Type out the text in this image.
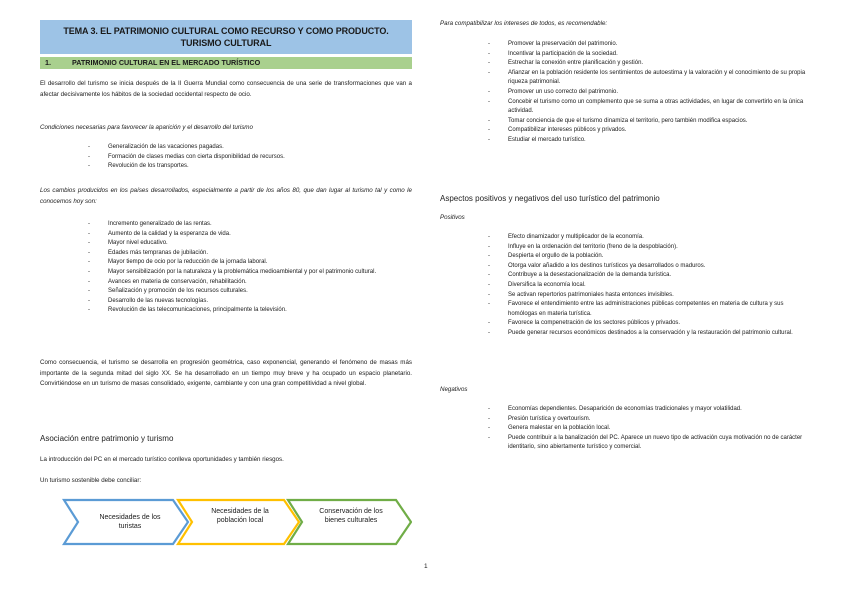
TEMA 3. EL PATRIMONIO CULTURAL COMO RECURSO Y COMO PRODUCTO.
TURISMO CULTURAL
1.	PATRIMONIO CULTURAL EN EL MERCADO TURÍSTICO
El desarrollo del turismo se inicia después de la II Guerra Mundial como consecuencia de una serie de transformaciones que van a afectar decisivamente los hábitos de la sociedad occidental respecto de ocio.
Condiciones necesarias para favorecer la aparición y el desarrollo del turismo
- Generalización de las vacaciones pagadas.
- Formación de clases medias con cierta disponibilidad de recursos.
- Revolución de los transportes.
Los cambios producidos en los países desarrollados, especialmente a partir de los años 80, que dan lugar al turismo tal y como le conocemos hoy son:
- Incremento generalizado de las rentas.
- Aumento de la calidad y la esperanza de vida.
- Mayor nivel educativo.
- Edades más tempranas de jubilación.
- Mayor tiempo de ocio por la reducción de la jornada laboral.
- Mayor sensibilización por la naturaleza y la problemática medioambiental y por el patrimonio cultural.
- Avances en materia de conservación, rehabilitación.
- Señalización y promoción de los recursos culturales.
- Desarrollo de las nuevas tecnologías.
- Revolución de las telecomunicaciones, principalmente la televisión.
Como consecuencia, el turismo se desarrolla en progresión geométrica, caso exponencial, generando el fenómeno de masas más importante de la segunda mitad del siglo XX. Se ha desarrollado en un tiempo muy breve y ha ocupado un espacio planetario. Convirtiéndose en un turismo de masas consolidado, exigente, cambiante y con una gran competitividad a nivel global.
Asociación entre patrimonio y turismo
La introducción del PC en el mercado turístico conlleva oportunidades y también riesgos.
Un turismo sostenible debe conciliar:
Necesidades de los turistas
Necesidades de la población local
Conservación de los bienes culturales
1
Para compatibilizar los intereses de todos, es recomendable:
- Promover la preservación del patrimonio.
- Incentivar la participación de la sociedad.
- Estrechar la conexión entre planificación y gestión.
- Afianzar en la población residente los sentimientos de autoestima y la valoración y el conocimiento de su propia riqueza patrimonial.
- Promover un uso correcto del patrimonio.
- Concebir el turismo como un complemento que se suma a otras actividades, en lugar de convertirlo en la única actividad.
- Tomar conciencia de que el turismo dinamiza el territorio, pero también modifica espacios.
- Compatibilizar intereses públicos y privados.
- Estudiar el mercado turístico.
Aspectos positivos y negativos del uso turístico del patrimonio
Positivos
- Efecto dinamizador y multiplicador de la economía.
- Influye en la ordenación del territorio (freno de la despoblación).
- Despierta el orgullo de la población.
- Otorga valor añadido a los destinos turísticos ya desarrollados o maduros.
- Contribuye a la desestacionalización de la demanda turística.
- Diversifica la economía local.
- Se activan repertorios patrimoniales hasta entonces invisibles.
- Favorece el entendimiento entre las administraciones públicas competentes en materia de cultura y sus homólogas en materia turística.
- Favorece la compenetración de los sectores públicos y privados.
- Puede generar recursos económicos destinados a la conservación y la restauración del patrimonio cultural.
Negativos
- Economías dependientes. Desaparición de economías tradicionales y mayor volatilidad.
- Presión turística y overtourism.
- Genera malestar en la población local.
- Puede contribuir a la banalización del PC. Aparece un nuevo tipo de activación cuya motivación no de carácter identitario, sino abiertamente turístico y comercial.
